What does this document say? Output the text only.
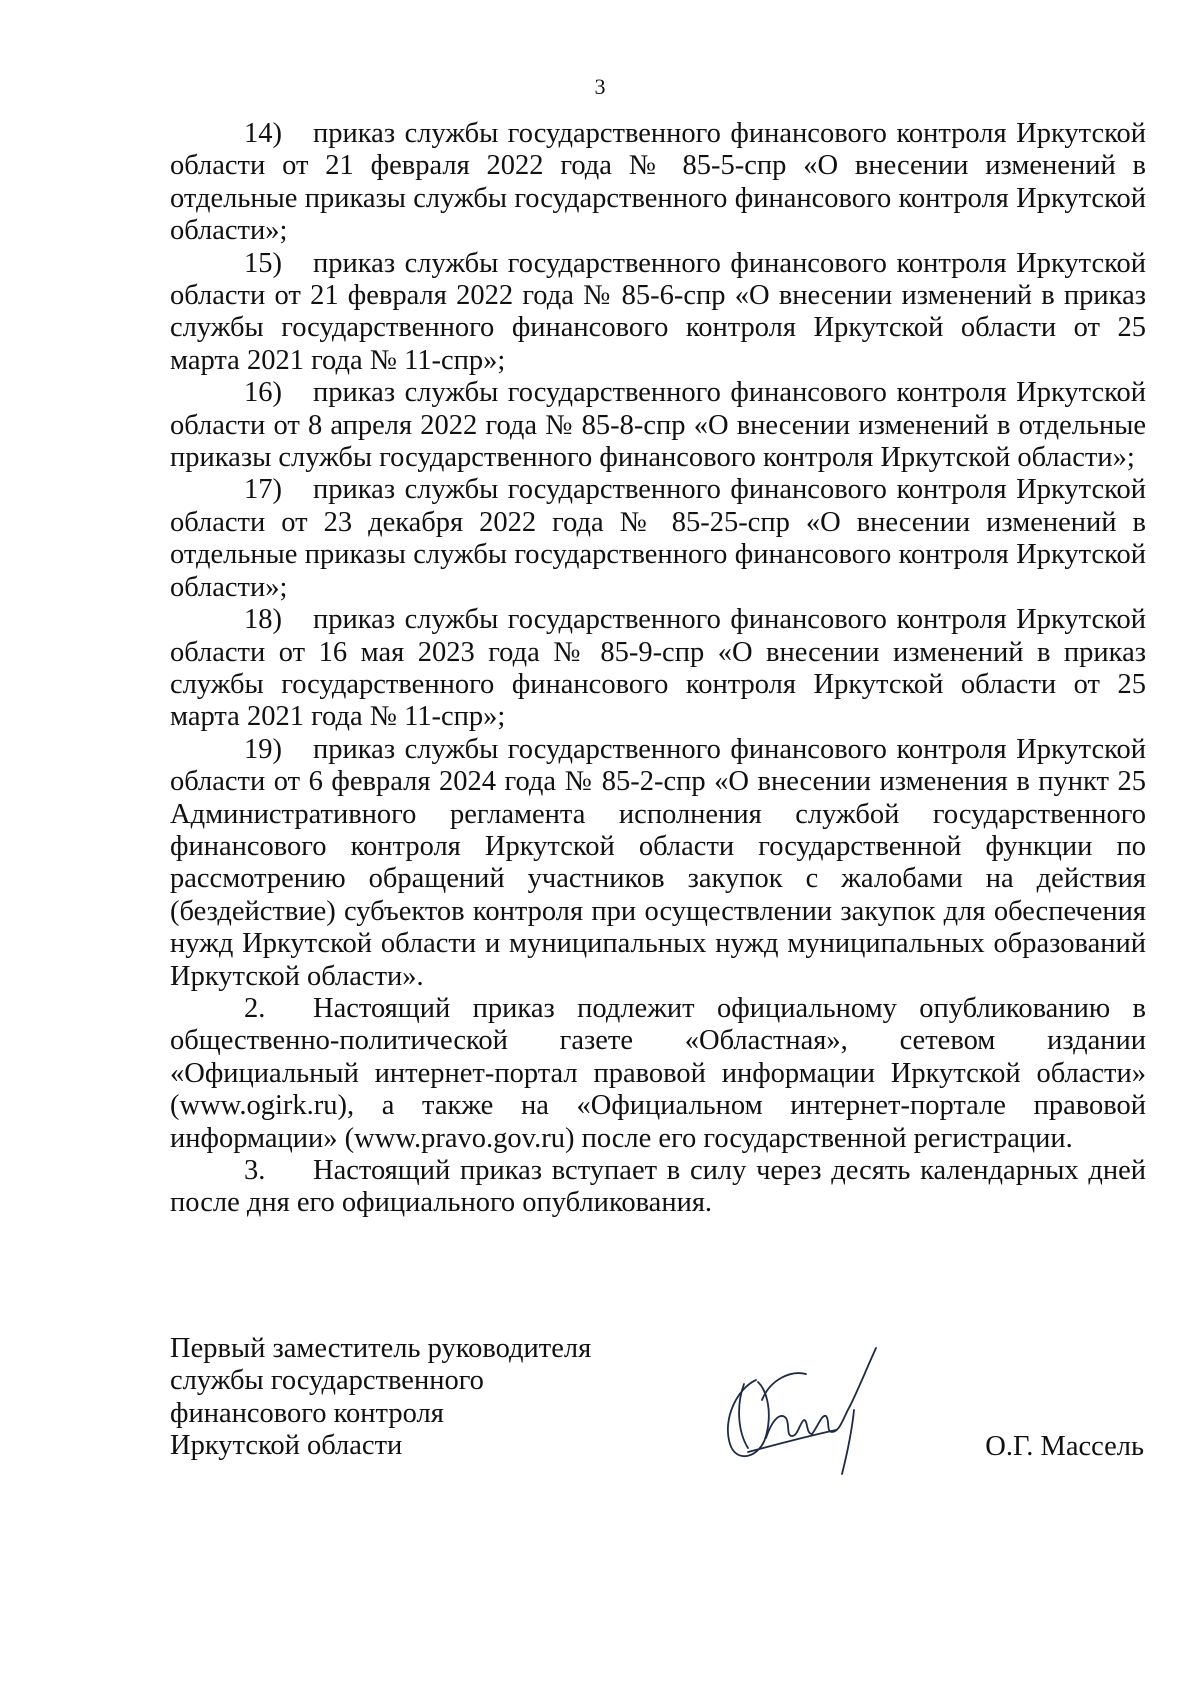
3

14) приказ службы государственного финансового контроля Иркутской области от 21 февраля 2022 года № 85-5-спр «О внесении изменений в отдельные приказы службы государственного финансового контроля Иркутской области»;

15) приказ службы государственного финансового контроля Иркутской области от 21 февраля 2022 года № 85-6-спр «О внесении изменений в приказ службы государственного финансового контроля Иркутской области от 25 марта 2021 года № 11-спр»;

16) приказ службы государственного финансового контроля Иркутской области от 8 апреля 2022 года № 85-8-спр «О внесении изменений в отдельные приказы службы государственного финансового контроля Иркутской области»;

17) приказ службы государственного финансового контроля Иркутской области от 23 декабря 2022 года № 85-25-спр «О внесении изменений в отдельные приказы службы государственного финансового контроля Иркутской области»;

18) приказ службы государственного финансового контроля Иркутской области от 16 мая 2023 года № 85-9-спр «О внесении изменений в приказ службы государственного финансового контроля Иркутской области от 25 марта 2021 года № 11-спр»;

19) приказ службы государственного финансового контроля Иркутской области от 6 февраля 2024 года № 85-2-спр «О внесении изменения в пункт 25 Административного регламента исполнения службой государственного финансового контроля Иркутской области государственной функции по рассмотрению обращений участников закупок с жалобами на действия (бездействие) субъектов контроля при осуществлении закупок для обеспечения нужд Иркутской области и муниципальных нужд муниципальных образований Иркутской области».

2. Настоящий приказ подлежит официальному опубликованию в общественно-политической газете «Областная», сетевом издании «Официальный интернет-портал правовой информации Иркутской области» (www.ogirk.ru), а также на «Официальном интернет-портале правовой информации» (www.pravo.gov.ru) после его государственной регистрации.

3. Настоящий приказ вступает в силу через десять календарных дней после дня его официального опубликования.

Первый заместитель руководителя
службы государственного
финансового контроля
Иркутской области	О.Г. Массель
